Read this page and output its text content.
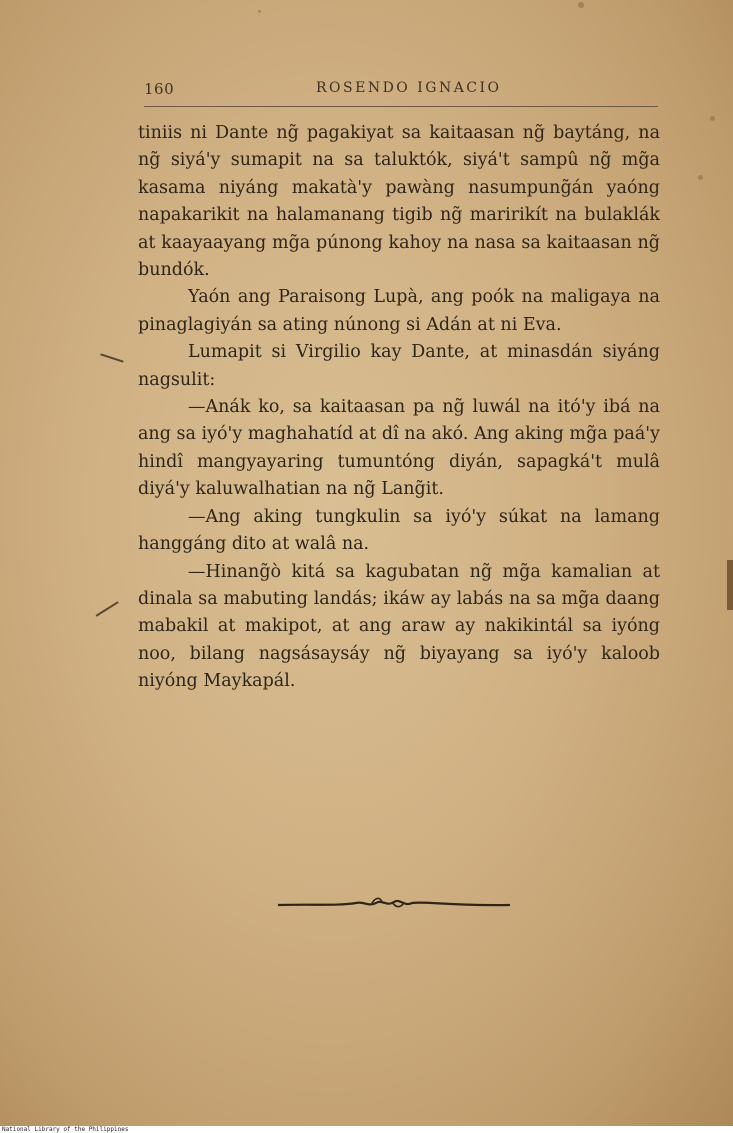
160	ROSENDO IGNACIO

tiniis ni Dante ng̃ pagakiyat sa kaitaasan ng̃ baytáng, na ng̃ siyá'y sumapit na sa taluktók, siyá't sampû ng̃ mg̃a kasama niyáng makatà'y pawàng nasumpung̃án yaóng napakarikit na halamanang tigib ng̃ maririkít na bulaklák at kaayaayang mg̃a púnong kahoy na nasa sa kaitaasan ng̃ bundók.

Yaón ang Paraisong Lupà, ang poók na maligaya na pinaglagiyán sa ating núnong si Adán at ni Eva.

Lumapit si Virgilio kay Dante, at minasdán siyáng nagsulit:

—Anák ko, sa kaitaasan pa ng̃ luwál na itó'y ibá na ang sa iyó'y maghahatíd at dî na akó. Ang aking mg̃a paá'y hindî mangyayaring tumuntóng diyán, sapagká't mulâ diyá'y kaluwalhatian na ng̃ Lang̃it.

—Ang aking tungkulin sa iyó'y súkat na lamang hanggáng dito at walâ na.

—Hinang̃ò kitá sa kagubatan ng̃ mg̃a kamalian at dinala sa mabuting landás; ikáw ay labás na sa mg̃a daang mabakil at makipot, at ang araw ay nakikintál sa iyóng noo, bilang nagsásaysáy ng̃ biyayang sa iyó'y kaloob niyóng Maykapál.

National Library of the Philippines
